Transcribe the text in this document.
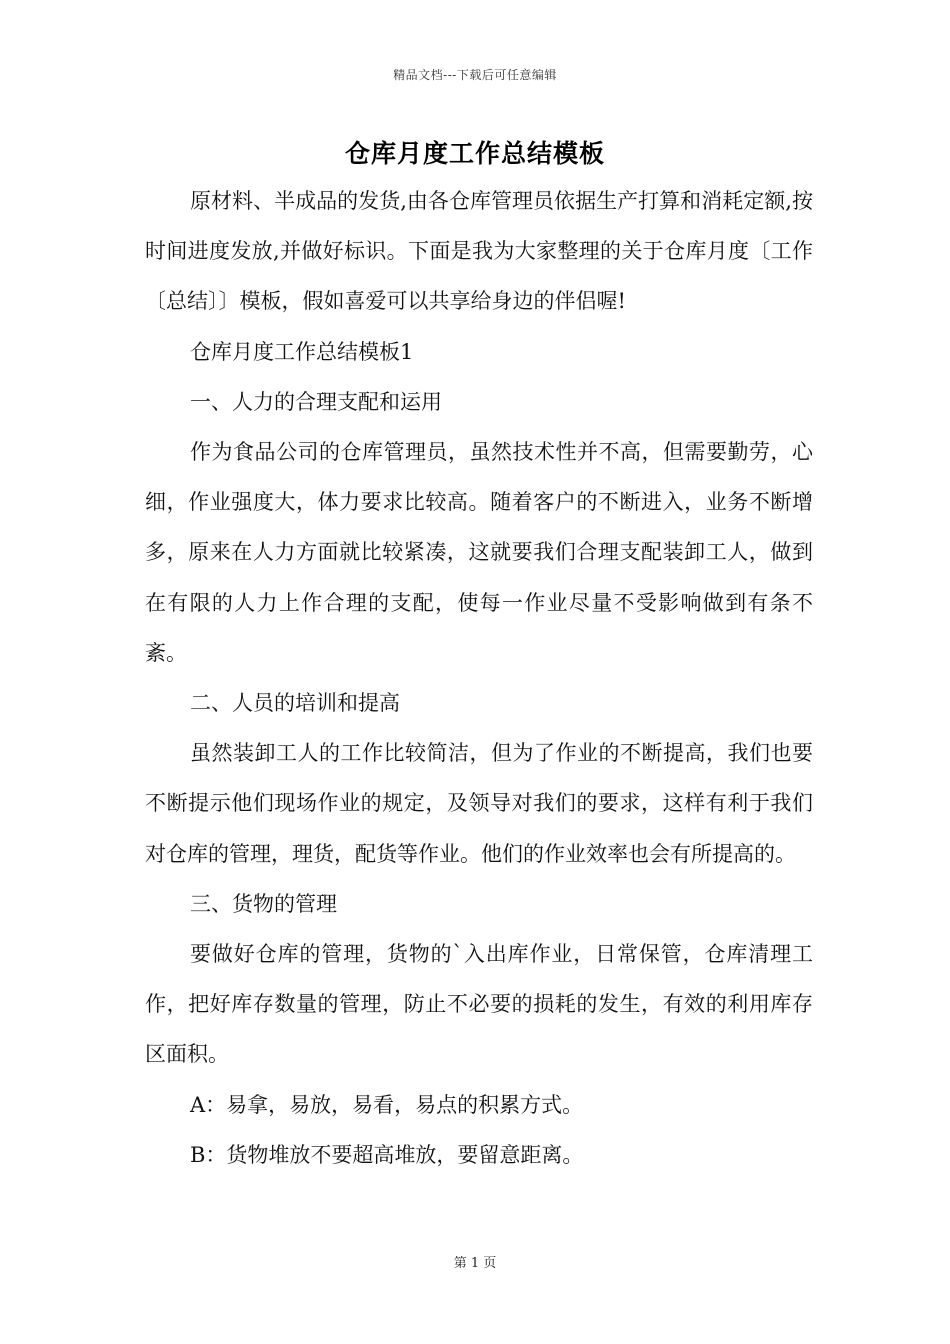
精品文档---下载后可任意编辑
仓库月度工作总结模板

原材料、半成品的发货,由各仓库管理员依据生产打算和消耗定额,按时间进度发放,并做好标识。下面是我为大家整理的关于仓库月度〔工作〔总结〕〕模板，假如喜爱可以共享给身边的伴侣喔!

仓库月度工作总结模板1

一、人力的合理支配和运用

作为食品公司的仓库管理员，虽然技术性并不高，但需要勤劳，心细，作业强度大，体力要求比较高。随着客户的不断进入，业务不断增多，原来在人力方面就比较紧凑，这就要我们合理支配装卸工人，做到在有限的人力上作合理的支配，使每一作业尽量不受影响做到有条不紊。

二、人员的培训和提高

虽然装卸工人的工作比较简洁，但为了作业的不断提高，我们也要不断提示他们现场作业的规定，及领导对我们的要求，这样有利于我们对仓库的管理，理货，配货等作业。他们的作业效率也会有所提高的。

三、货物的管理

要做好仓库的管理，货物的`入出库作业，日常保管，仓库清理工作，把好库存数量的管理，防止不必要的损耗的发生，有效的利用库存区面积。

A：易拿，易放，易看，易点的积累方式。

B：货物堆放不要超高堆放，要留意距离。

第 1 页
